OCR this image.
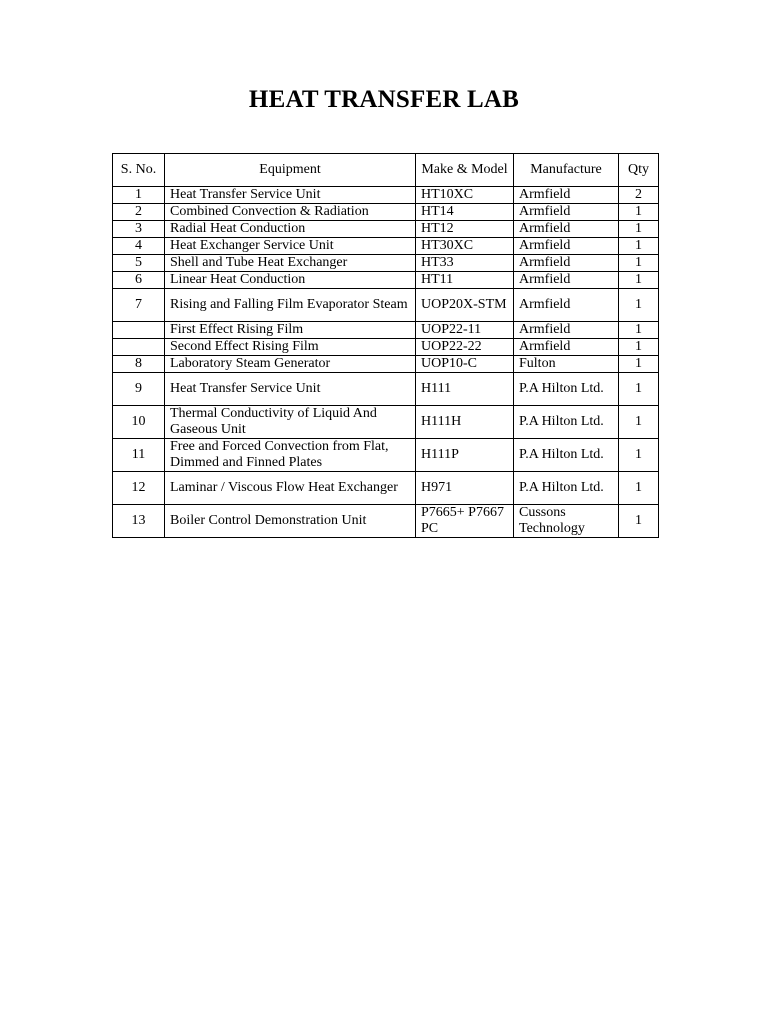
HEAT TRANSFER LAB
S. No.	Equipment	Make & Model	Manufacture	Qty
1	Heat Transfer Service Unit	HT10XC	Armfield	2
2	Combined Convection & Radiation	HT14	Armfield	1
3	Radial Heat Conduction	HT12	Armfield	1
4	Heat Exchanger Service Unit	HT30XC	Armfield	1
5	Shell and Tube Heat Exchanger	HT33	Armfield	1
6	Linear Heat Conduction	HT11	Armfield	1
7	Rising and Falling Film Evaporator Steam	UOP20X-STM	Armfield	1
	First Effect Rising Film	UOP22-11	Armfield	1
	Second Effect Rising Film	UOP22-22	Armfield	1
8	Laboratory Steam Generator	UOP10-C	Fulton	1
9	Heat Transfer Service Unit	H111	P.A Hilton Ltd.	1
10	Thermal Conductivity of Liquid And Gaseous Unit	H111H	P.A Hilton Ltd.	1
11	Free and Forced Convection from Flat, Dimmed and Finned Plates	H111P	P.A Hilton Ltd.	1
12	Laminar / Viscous Flow Heat Exchanger	H971	P.A Hilton Ltd.	1
13	Boiler Control Demonstration Unit	P7665+ P7667 PC	Cussons Technology	1
